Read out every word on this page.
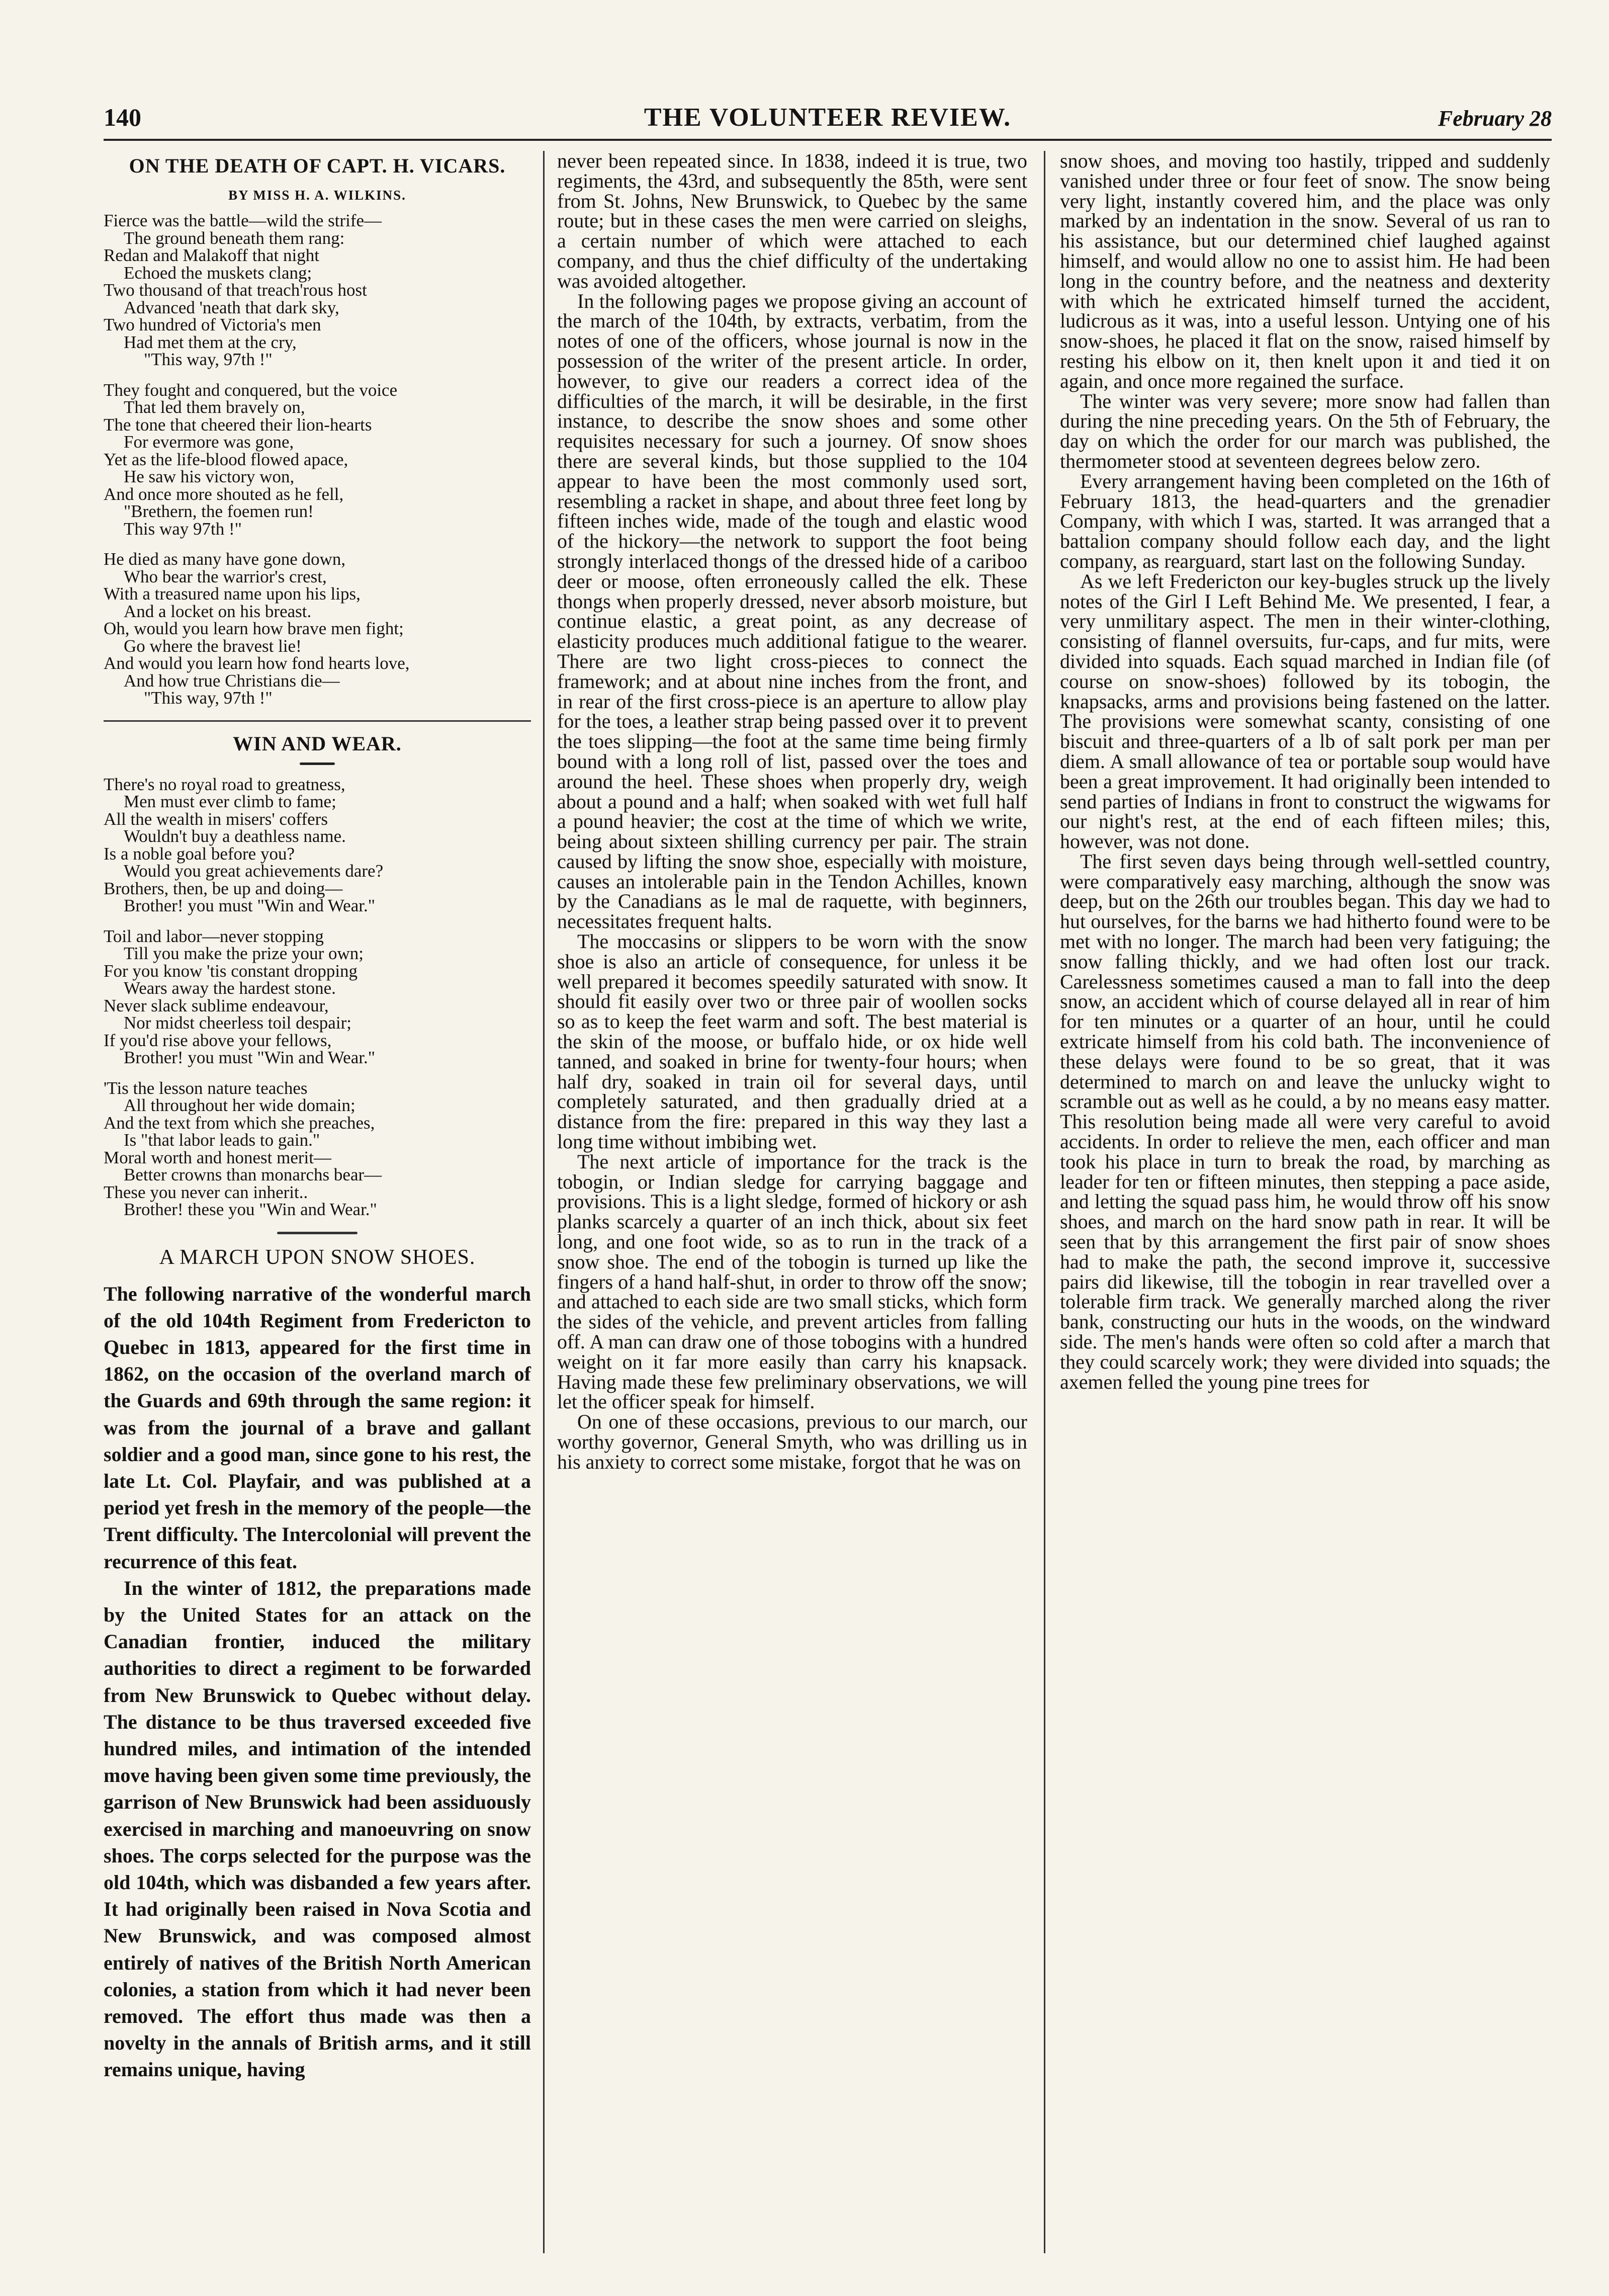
140	THE VOLUNTEER REVIEW.	February 28
ON THE DEATH OF CAPT. H. VICARS.
BY MISS H. A. WILKINS.
Fierce was the battle—wild the strife—
The ground beneath them rang:
Redan and Malakoff that night
Echoed the muskets clang;
Two thousand of that treach'rous host
Advanced 'neath that dark sky,
Two hundred of Victoria's men
Had met them at the cry,
"This way, 97th !"
They fought and conquered, but the voice
That led them bravely on,
The tone that cheered their lion-hearts
For evermore was gone,
Yet as the life-blood flowed apace,
He saw his victory won,
And once more shouted as he fell,
"Brethern, the foemen run!
This way 97th !"
He died as many have gone down,
Who bear the warrior's crest,
With a treasured name upon his lips,
And a locket on his breast.
Oh, would you learn how brave men fight;
Go where the bravest lie!
And would you learn how fond hearts love,
And how true Christians die—
"This way, 97th !"
WIN AND WEAR.
There's no royal road to greatness,
Men must ever climb to fame;
All the wealth in misers' coffers
Wouldn't buy a deathless name.
Is a noble goal before you?
Would you great achievements dare?
Brothers, then, be up and doing—
Brother! you must "Win and Wear."
Toil and labor—never stopping
Till you make the prize your own;
For you know 'tis constant dropping
Wears away the hardest stone.
Never slack sublime endeavour,
Nor midst cheerless toil despair;
If you'd rise above your fellows,
Brother! you must "Win and Wear."
'Tis the lesson nature teaches
All throughout her wide domain;
And the text from which she preaches,
Is "that labor leads to gain."
Moral worth and honest merit—
Better crowns than monarchs bear—
These you never can inherit..
Brother! these you "Win and Wear."
A MARCH UPON SNOW SHOES.

The following narrative of the wonderful march of the old 104th Regiment from Fredericton to Quebec in 1813, appeared for the first time in 1862, on the occasion of the overland march of the Guards and 69th through the same region: it was from the journal of a brave and gallant soldier and a good man, since gone to his rest, the late Lt. Col. Playfair, and was published at a period yet fresh in the memory of the people—the Trent difficulty. The Intercolonial will prevent the recurrence of this feat.

In the winter of 1812, the preparations made by the United States for an attack on the Canadian frontier, induced the military authorities to direct a regiment to be forwarded from New Brunswick to Quebec without delay. The distance to be thus traversed exceeded five hundred miles, and intimation of the intended move having been given some time previously, the garrison of New Brunswick had been assiduously exercised in marching and manoeuvring on snow shoes. The corps selected for the purpose was the old 104th, which was disbanded a few years after. It had originally been raised in Nova Scotia and New Brunswick, and was composed almost entirely of natives of the British North American colonies, a station from which it had never been removed. The effort thus made was then a novelty in the annals of British arms, and it still remains unique, having

never been repeated since. In 1838, indeed it is true, two regiments, the 43rd, and subsequently the 85th, were sent from St. Johns, New Brunswick, to Quebec by the same route; but in these cases the men were carried on sleighs, a certain number of which were attached to each company, and thus the chief difficulty of the undertaking was avoided altogether.

In the following pages we propose giving an account of the march of the 104th, by extracts, verbatim, from the notes of one of the officers, whose journal is now in the possession of the writer of the present article. In order, however, to give our readers a correct idea of the difficulties of the march, it will be desirable, in the first instance, to describe the snow shoes and some other requisites necessary for such a journey. Of snow shoes there are several kinds, but those supplied to the 104 appear to have been the most commonly used sort, resembling a racket in shape, and about three feet long by fifteen inches wide, made of the tough and elastic wood of the hickory—the network to support the foot being strongly interlaced thongs of the dressed hide of a cariboo deer or moose, often erroneously called the elk. These thongs when properly dressed, never absorb moisture, but continue elastic, a great point, as any decrease of elasticity produces much additional fatigue to the wearer. There are two light cross-pieces to connect the framework; and at about nine inches from the front, and in rear of the first cross-piece is an aperture to allow play for the toes, a leather strap being passed over it to prevent the toes slipping—the foot at the same time being firmly bound with a long roll of list, passed over the toes and around the heel. These shoes when properly dry, weigh about a pound and a half; when soaked with wet full half a pound heavier; the cost at the time of which we write, being about sixteen shilling currency per pair. The strain caused by lifting the snow shoe, especially with moisture, causes an intolerable pain in the Tendon Achilles, known by the Canadians as le mal de raquette, with beginners, necessitates frequent halts.

The moccasins or slippers to be worn with the snow shoe is also an article of consequence, for unless it be well prepared it becomes speedily saturated with snow. It should fit easily over two or three pair of woollen socks so as to keep the feet warm and soft. The best material is the skin of the moose, or buffalo hide, or ox hide well tanned, and soaked in brine for twenty-four hours; when half dry, soaked in train oil for several days, until completely saturated, and then gradually dried at a distance from the fire: prepared in this way they last a long time without imbibing wet.

The next article of importance for the track is the tobogin, or Indian sledge for carrying baggage and provisions. This is a light sledge, formed of hickory or ash planks scarcely a quarter of an inch thick, about six feet long, and one foot wide, so as to run in the track of a snow shoe. The end of the tobogin is turned up like the fingers of a hand half-shut, in order to throw off the snow; and attached to each side are two small sticks, which form the sides of the vehicle, and prevent articles from falling off. A man can draw one of those tobogins with a hundred weight on it far more easily than carry his knapsack. Having made these few preliminary observations, we will let the officer speak for himself.

On one of these occasions, previous to our march, our worthy governor, General Smyth, who was drilling us in his anxiety to correct some mistake, forgot that he was on

snow shoes, and moving too hastily, tripped and suddenly vanished under three or four feet of snow. The snow being very light, instantly covered him, and the place was only marked by an indentation in the snow. Several of us ran to his assistance, but our determined chief laughed against himself, and would allow no one to assist him. He had been long in the country before, and the neatness and dexterity with which he extricated himself turned the accident, ludicrous as it was, into a useful lesson. Untying one of his snow-shoes, he placed it flat on the snow, raised himself by resting his elbow on it, then knelt upon it and tied it on again, and once more regained the surface.

The winter was very severe; more snow had fallen than during the nine preceding years. On the 5th of February, the day on which the order for our march was published, the thermometer stood at seventeen degrees below zero.

Every arrangement having been completed on the 16th of February 1813, the head-quarters and the grenadier Company, with which I was, started. It was arranged that a battalion company should follow each day, and the light company, as rearguard, start last on the following Sunday.

As we left Fredericton our key-bugles struck up the lively notes of the Girl I Left Behind Me. We presented, I fear, a very unmilitary aspect. The men in their winter-clothing, consisting of flannel oversuits, fur-caps, and fur mits, were divided into squads. Each squad marched in Indian file (of course on snow-shoes) followed by its tobogin, the knapsacks, arms and provisions being fastened on the latter. The provisions were somewhat scanty, consisting of one biscuit and three-quarters of a lb of salt pork per man per diem. A small allowance of tea or portable soup would have been a great improvement. It had originally been intended to send parties of Indians in front to construct the wigwams for our night's rest, at the end of each fifteen miles; this, however, was not done.

The first seven days being through well-settled country, were comparatively easy marching, although the snow was deep, but on the 26th our troubles began. This day we had to hut ourselves, for the barns we had hitherto found were to be met with no longer. The march had been very fatiguing; the snow falling thickly, and we had often lost our track. Carelessness sometimes caused a man to fall into the deep snow, an accident which of course delayed all in rear of him for ten minutes or a quarter of an hour, until he could extricate himself from his cold bath. The inconvenience of these delays were found to be so great, that it was determined to march on and leave the unlucky wight to scramble out as well as he could, a by no means easy matter. This resolution being made all were very careful to avoid accidents. In order to relieve the men, each officer and man took his place in turn to break the road, by marching as leader for ten or fifteen minutes, then stepping a pace aside, and letting the squad pass him, he would throw off his snow shoes, and march on the hard snow path in rear. It will be seen that by this arrangement the first pair of snow shoes had to make the path, the second improve it, successive pairs did likewise, till the tobogin in rear travelled over a tolerable firm track. We generally marched along the river bank, constructing our huts in the woods, on the windward side. The men's hands were often so cold after a march that they could scarcely work; they were divided into squads; the axemen felled the young pine trees for
